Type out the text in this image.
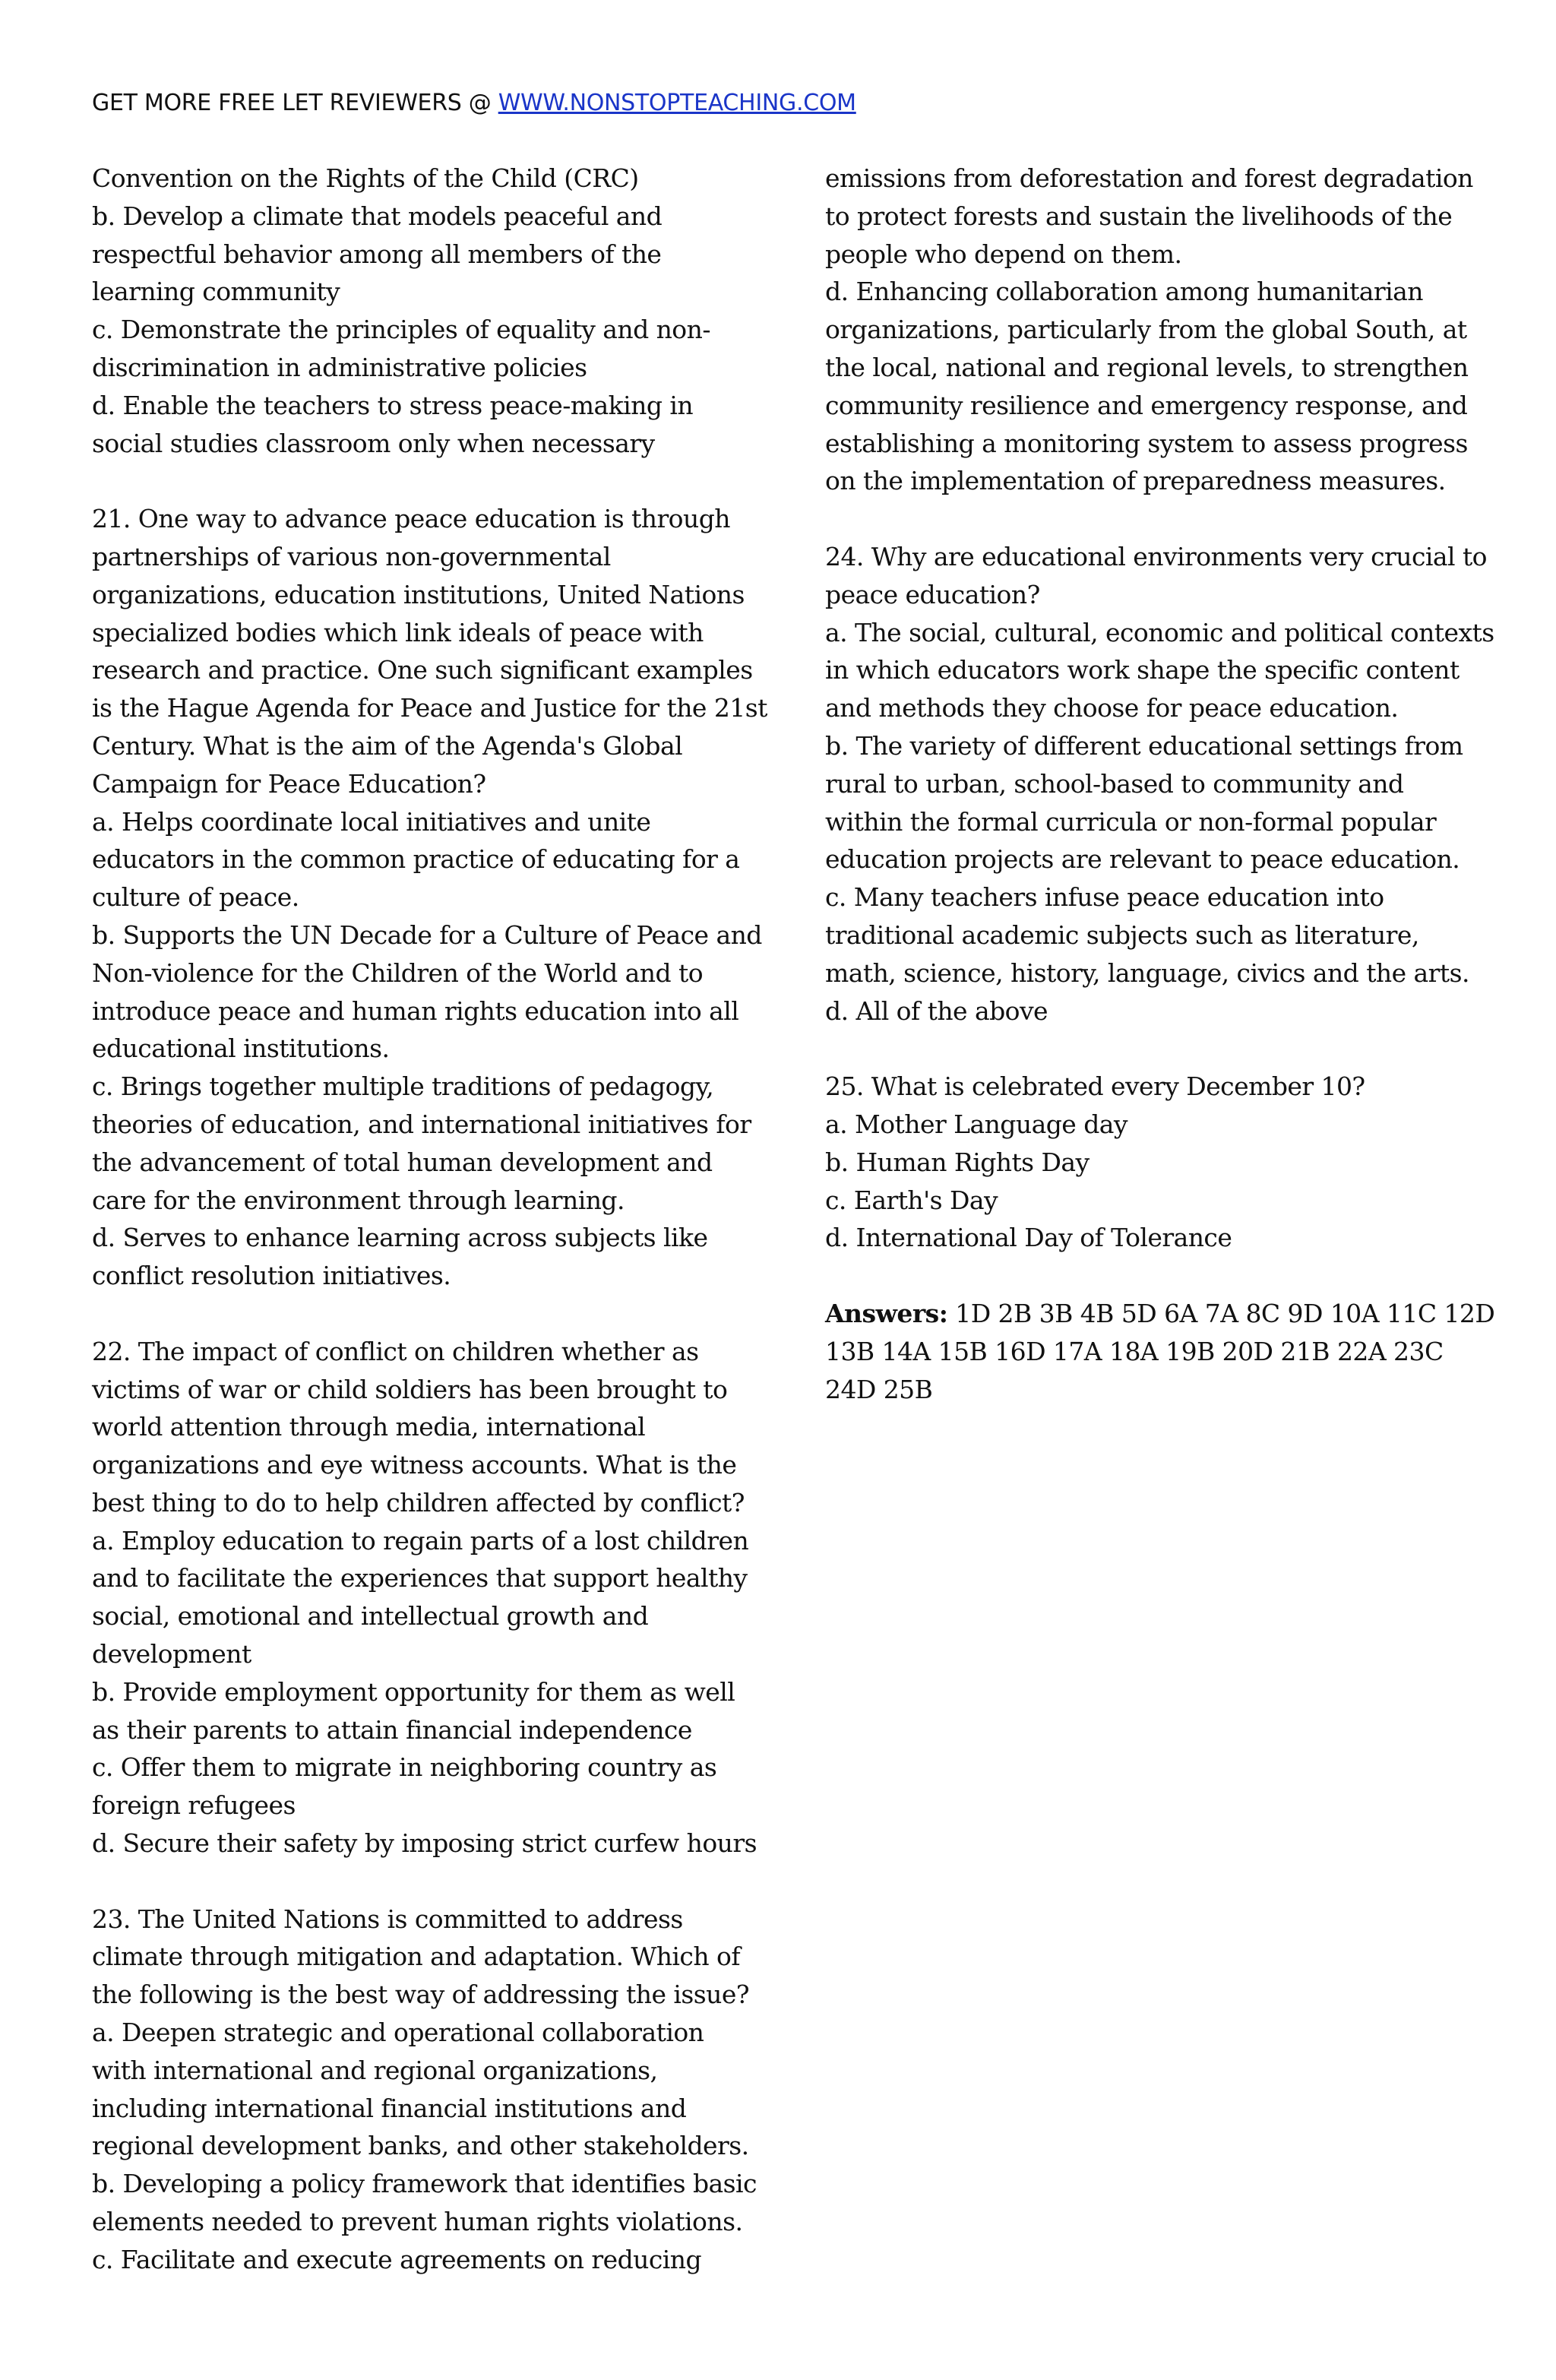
GET MORE FREE LET REVIEWERS @ WWW.NONSTOPTEACHING.COM
Convention on the Rights of the Child (CRC)
b. Develop a climate that models peaceful and
respectful behavior among all members of the
learning community
c. Demonstrate the principles of equality and non-
discrimination in administrative policies
d. Enable the teachers to stress peace-making in
social studies classroom only when necessary
21. One way to advance peace education is through
partnerships of various non-governmental
organizations, education institutions, United Nations
specialized bodies which link ideals of peace with
research and practice. One such significant examples
is the Hague Agenda for Peace and Justice for the 21st
Century. What is the aim of the Agenda's Global
Campaign for Peace Education?
a. Helps coordinate local initiatives and unite
educators in the common practice of educating for a
culture of peace.
b. Supports the UN Decade for a Culture of Peace and
Non-violence for the Children of the World and to
introduce peace and human rights education into all
educational institutions.
c. Brings together multiple traditions of pedagogy,
theories of education, and international initiatives for
the advancement of total human development and
care for the environment through learning.
d. Serves to enhance learning across subjects like
conflict resolution initiatives.
22. The impact of conflict on children whether as
victims of war or child soldiers has been brought to
world attention through media, international
organizations and eye witness accounts. What is the
best thing to do to help children affected by conflict?
a. Employ education to regain parts of a lost children
and to facilitate the experiences that support healthy
social, emotional and intellectual growth and
development
b. Provide employment opportunity for them as well
as their parents to attain financial independence
c. Offer them to migrate in neighboring country as
foreign refugees
d. Secure their safety by imposing strict curfew hours
23. The United Nations is committed to address
climate through mitigation and adaptation. Which of
the following is the best way of addressing the issue?
a. Deepen strategic and operational collaboration
with international and regional organizations,
including international financial institutions and
regional development banks, and other stakeholders.
b. Developing a policy framework that identifies basic
elements needed to prevent human rights violations.
c. Facilitate and execute agreements on reducing
emissions from deforestation and forest degradation
to protect forests and sustain the livelihoods of the
people who depend on them.
d. Enhancing collaboration among humanitarian
organizations, particularly from the global South, at
the local, national and regional levels, to strengthen
community resilience and emergency response, and
establishing a monitoring system to assess progress
on the implementation of preparedness measures.
24. Why are educational environments very crucial to
peace education?
a. The social, cultural, economic and political contexts
in which educators work shape the specific content
and methods they choose for peace education.
b. The variety of different educational settings from
rural to urban, school-based to community and
within the formal curricula or non-formal popular
education projects are relevant to peace education.
c. Many teachers infuse peace education into
traditional academic subjects such as literature,
math, science, history, language, civics and the arts.
d. All of the above
25. What is celebrated every December 10?
a. Mother Language day
b. Human Rights Day
c. Earth's Day
d. International Day of Tolerance
Answers: 1D 2B 3B 4B 5D 6A 7A 8C 9D 10A 11C 12D
13B 14A 15B 16D 17A 18A 19B 20D 21B 22A 23C
24D 25B
